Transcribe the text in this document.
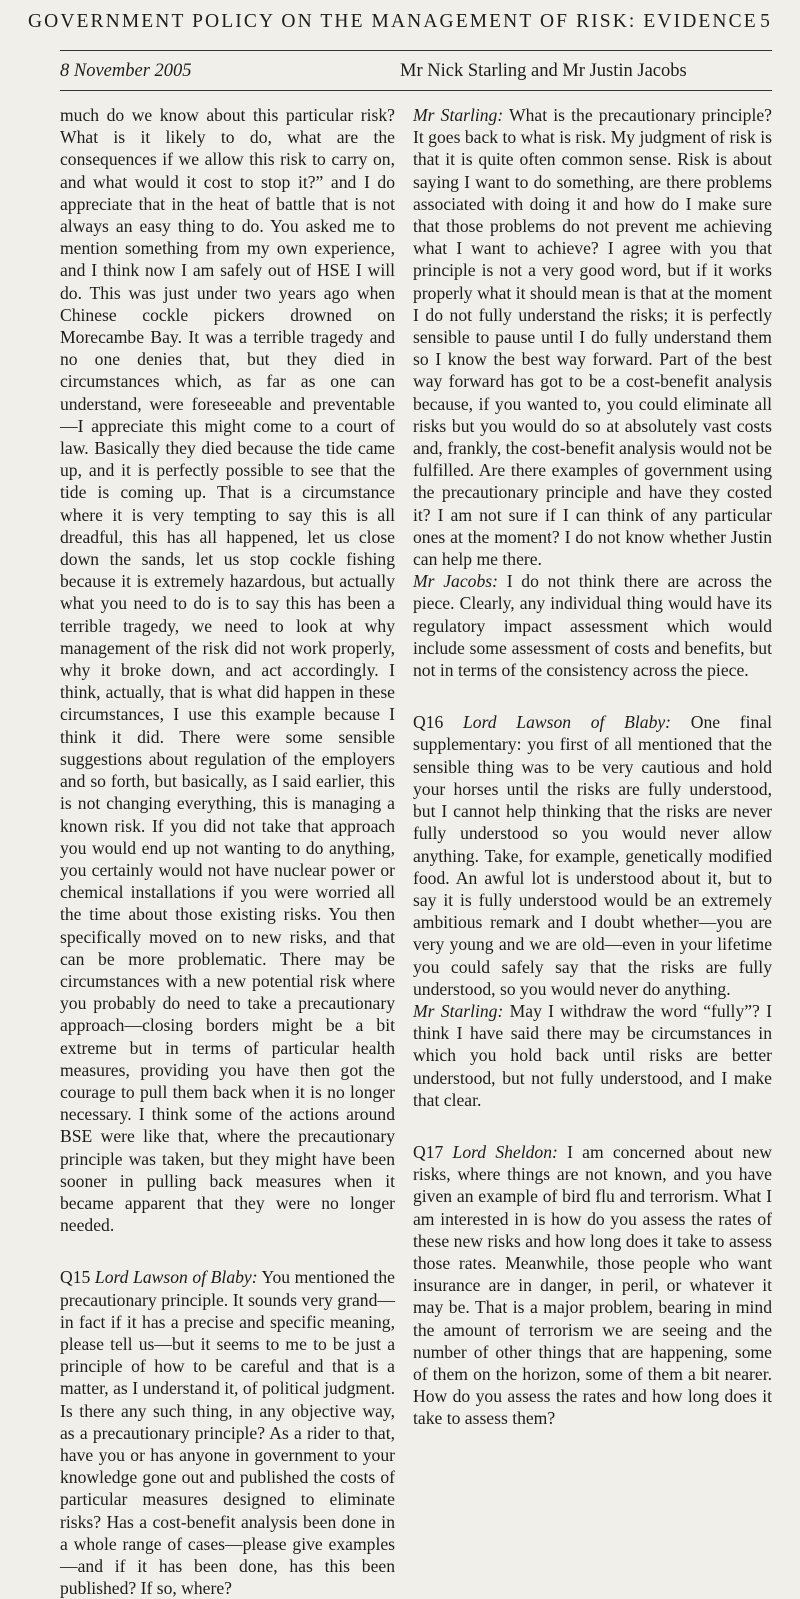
GOVERNMENT POLICY ON THE MANAGEMENT OF RISK: EVIDENCE 5
8 November 2005	Mr Nick Starling and Mr Justin Jacobs

much do we know about this particular risk? What is it likely to do, what are the consequences if we allow this risk to carry on, and what would it cost to stop it?” and I do appreciate that in the heat of battle that is not always an easy thing to do. You asked me to mention something from my own experience, and I think now I am safely out of HSE I will do. This was just under two years ago when Chinese cockle pickers drowned on Morecambe Bay. It was a terrible tragedy and no one denies that, but they died in circumstances which, as far as one can understand, were foreseeable and preventable—I appreciate this might come to a court of law. Basically they died because the tide came up, and it is perfectly possible to see that the tide is coming up. That is a circumstance where it is very tempting to say this is all dreadful, this has all happened, let us close down the sands, let us stop cockle fishing because it is extremely hazardous, but actually what you need to do is to say this has been a terrible tragedy, we need to look at why management of the risk did not work properly, why it broke down, and act accordingly. I think, actually, that is what did happen in these circumstances, I use this example because I think it did. There were some sensible suggestions about regulation of the employers and so forth, but basically, as I said earlier, this is not changing everything, this is managing a known risk. If you did not take that approach you would end up not wanting to do anything, you certainly would not have nuclear power or chemical installations if you were worried all the time about those existing risks. You then specifically moved on to new risks, and that can be more problematic. There may be circumstances with a new potential risk where you probably do need to take a precautionary approach—closing borders might be a bit extreme but in terms of particular health measures, providing you have then got the courage to pull them back when it is no longer necessary. I think some of the actions around BSE were like that, where the precautionary principle was taken, but they might have been sooner in pulling back measures when it became apparent that they were no longer needed.

Q15 Lord Lawson of Blaby: You mentioned the precautionary principle. It sounds very grand—in fact if it has a precise and specific meaning, please tell us—but it seems to me to be just a principle of how to be careful and that is a matter, as I understand it, of political judgment. Is there any such thing, in any objective way, as a precautionary principle? As a rider to that, have you or has anyone in government to your knowledge gone out and published the costs of particular measures designed to eliminate risks? Has a cost-benefit analysis been done in a whole range of cases—please give examples—and if it has been done, has this been published? If so, where?

Mr Starling: What is the precautionary principle? It goes back to what is risk. My judgment of risk is that it is quite often common sense. Risk is about saying I want to do something, are there problems associated with doing it and how do I make sure that those problems do not prevent me achieving what I want to achieve? I agree with you that principle is not a very good word, but if it works properly what it should mean is that at the moment I do not fully understand the risks; it is perfectly sensible to pause until I do fully understand them so I know the best way forward. Part of the best way forward has got to be a cost-benefit analysis because, if you wanted to, you could eliminate all risks but you would do so at absolutely vast costs and, frankly, the cost-benefit analysis would not be fulfilled. Are there examples of government using the precautionary principle and have they costed it? I am not sure if I can think of any particular ones at the moment? I do not know whether Justin can help me there.

Mr Jacobs: I do not think there are across the piece. Clearly, any individual thing would have its regulatory impact assessment which would include some assessment of costs and benefits, but not in terms of the consistency across the piece.

Q16 Lord Lawson of Blaby: One final supplementary: you first of all mentioned that the sensible thing was to be very cautious and hold your horses until the risks are fully understood, but I cannot help thinking that the risks are never fully understood so you would never allow anything. Take, for example, genetically modified food. An awful lot is understood about it, but to say it is fully understood would be an extremely ambitious remark and I doubt whether—you are very young and we are old—even in your lifetime you could safely say that the risks are fully understood, so you would never do anything.

Mr Starling: May I withdraw the word “fully”? I think I have said there may be circumstances in which you hold back until risks are better understood, but not fully understood, and I make that clear.

Q17 Lord Sheldon: I am concerned about new risks, where things are not known, and you have given an example of bird flu and terrorism. What I am interested in is how do you assess the rates of these new risks and how long does it take to assess those rates. Meanwhile, those people who want insurance are in danger, in peril, or whatever it may be. That is a major problem, bearing in mind the amount of terrorism we are seeing and the number of other things that are happening, some of them on the horizon, some of them a bit nearer. How do you assess the rates and how long does it take to assess them?
